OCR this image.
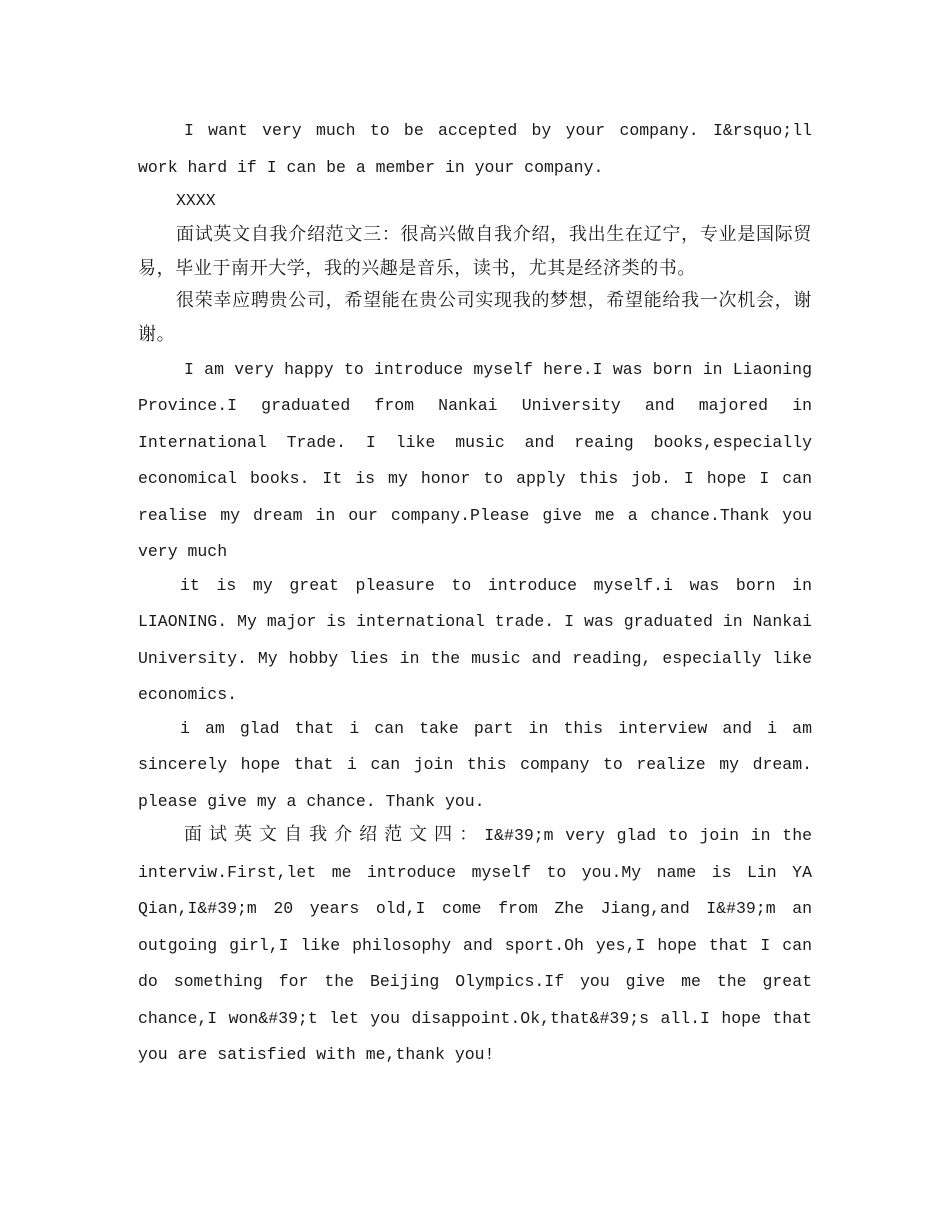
I want very much to be accepted by your company. I&rsquo;ll work hard if I can be a member in your company.

XXXX

面试英文自我介绍范文三：很高兴做自我介绍，我出生在辽宁，专业是国际贸易，毕业于南开大学，我的兴趣是音乐，读书，尤其是经济类的书。

很荣幸应聘贵公司，希望能在贵公司实现我的梦想，希望能给我一次机会，谢谢。

I am very happy to introduce myself here.I was born in Liaoning Province.I graduated from Nankai University and majored in International Trade. I like music and reaing books,especially economical books. It is my honor to apply this job. I hope I can realise my dream in our company.Please give me a chance.Thank you very much

it is my great pleasure to introduce myself.i was born in LIAONING. My major is international trade. I was graduated in Nankai University. My hobby lies in the music and reading, especially like economics.

i am glad that i can take part in this interview and i am sincerely hope that i can join this company to realize my dream. please give my a chance. Thank you.

面试英文自我介绍范文四：I&#39;m very glad to join in the interviw.First,let me introduce myself to you.My name is Lin YA Qian,I&#39;m 20 years old,I come from Zhe Jiang,and I&#39;m an outgoing girl,I like philosophy and sport.Oh yes,I hope that I can do something for the Beijing Olympics.If you give me the great chance,I won&#39;t let you disappoint.Ok,that&#39;s all.I hope that you are satisfied with me,thank you!
